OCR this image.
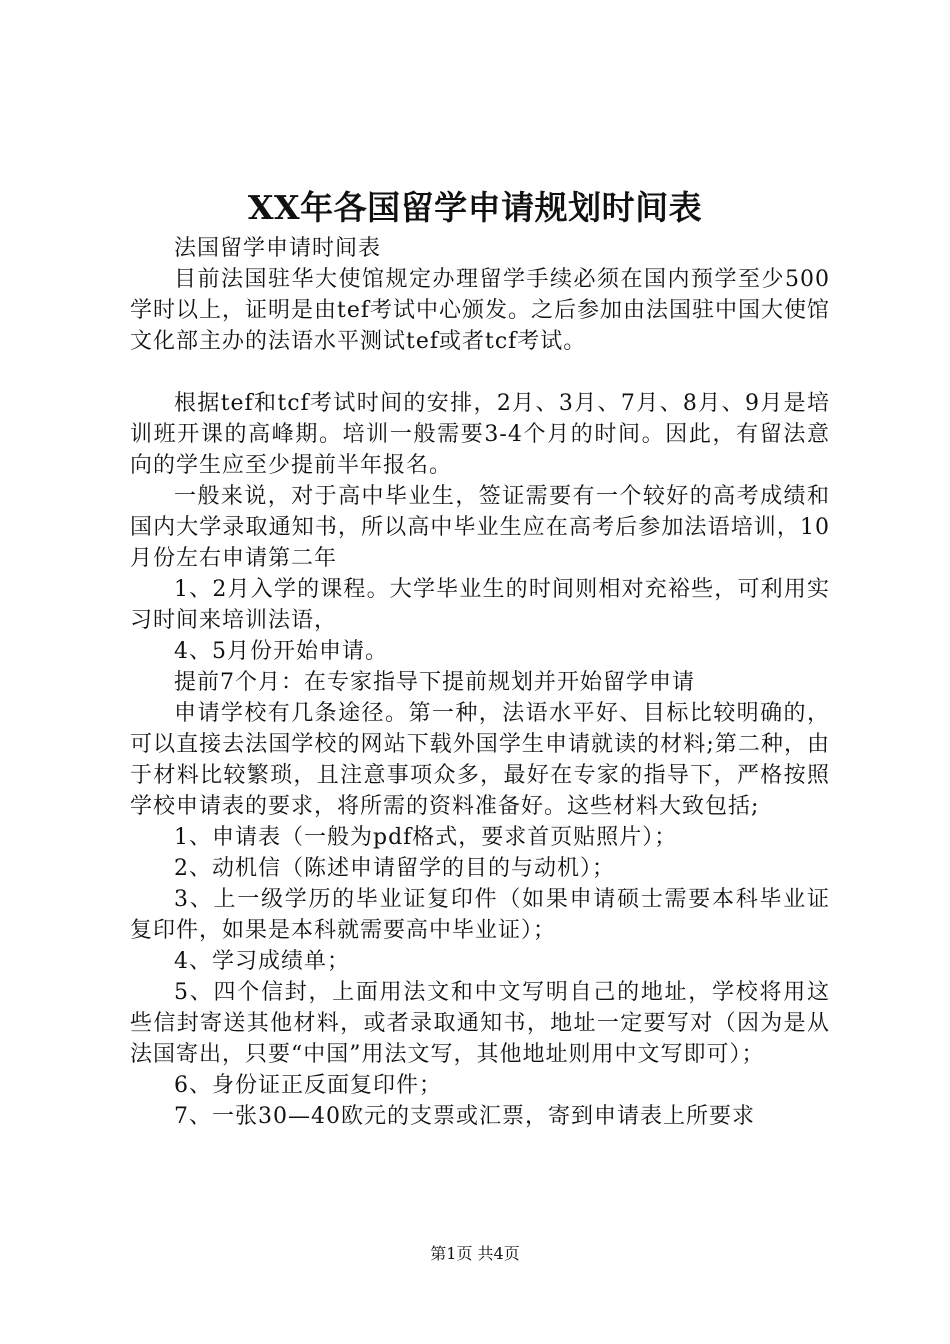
XX年各国留学申请规划时间表

法国留学申请时间表

目前法国驻华大使馆规定办理留学手续必须在国内预学至少500学时以上，证明是由tef考试中心颁发。之后参加由法国驻中国大使馆文化部主办的法语水平测试tef或者tcf考试。

根据tef和tcf考试时间的安排，2月、3月、7月、8月、9月是培训班开课的高峰期。培训一般需要3-4个月的时间。因此，有留法意向的学生应至少提前半年报名。

一般来说，对于高中毕业生，签证需要有一个较好的高考成绩和国内大学录取通知书，所以高中毕业生应在高考后参加法语培训，10月份左右申请第二年

1、2月入学的课程。大学毕业生的时间则相对充裕些，可利用实习时间来培训法语，

4、5月份开始申请。

提前7个月：在专家指导下提前规划并开始留学申请

申请学校有几条途径。第一种，法语水平好、目标比较明确的，可以直接去法国学校的网站下载外国学生申请就读的材料;第二种，由于材料比较繁琐，且注意事项众多，最好在专家的指导下，严格按照学校申请表的要求，将所需的资料准备好。这些材料大致包括;

1、申请表（一般为pdf格式，要求首页贴照片）；

2、动机信（陈述申请留学的目的与动机）；

3、上一级学历的毕业证复印件（如果申请硕士需要本科毕业证复印件，如果是本科就需要高中毕业证）；

4、学习成绩单；

5、四个信封，上面用法文和中文写明自己的地址，学校将用这些信封寄送其他材料，或者录取通知书，地址一定要写对（因为是从法国寄出，只要“中国”用法文写，其他地址则用中文写即可）；

6、身份证正反面复印件；

7、一张30—40欧元的支票或汇票，寄到申请表上所要求

第1页 共4页
